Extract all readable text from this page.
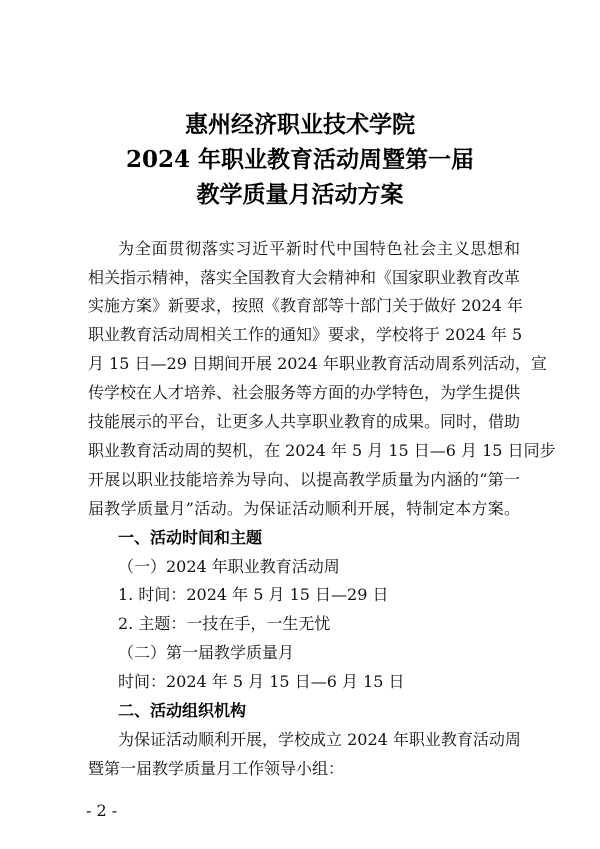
惠州经济职业技术学院
2024 年职业教育活动周暨第一届
教学质量月活动方案
为全面贯彻落实习近平新时代中国特色社会主义思想和
相关指示精神，落实全国教育大会精神和《国家职业教育改革
实施方案》新要求，按照《教育部等十部门关于做好 2024 年
职业教育活动周相关工作的通知》要求，学校将于 2024 年 5
月 15 日—29 日期间开展 2024 年职业教育活动周系列活动，宣
传学校在人才培养、社会服务等方面的办学特色，为学生提供
技能展示的平台，让更多人共享职业教育的成果。同时，借助
职业教育活动周的契机，在 2024 年 5 月 15 日—6 月 15 日同步
开展以职业技能培养为导向、以提高教学质量为内涵的“第一
届教学质量月”活动。为保证活动顺利开展，特制定本方案。
一、活动时间和主题
（一）2024 年职业教育活动周
1. 时间：2024 年 5 月 15 日—29 日
2. 主题：一技在手，一生无忧
（二）第一届教学质量月
时间：2024 年 5 月 15 日—6 月 15 日
二、活动组织机构
为保证活动顺利开展，学校成立 2024 年职业教育活动周
暨第一届教学质量月工作领导小组：
- 2 -
